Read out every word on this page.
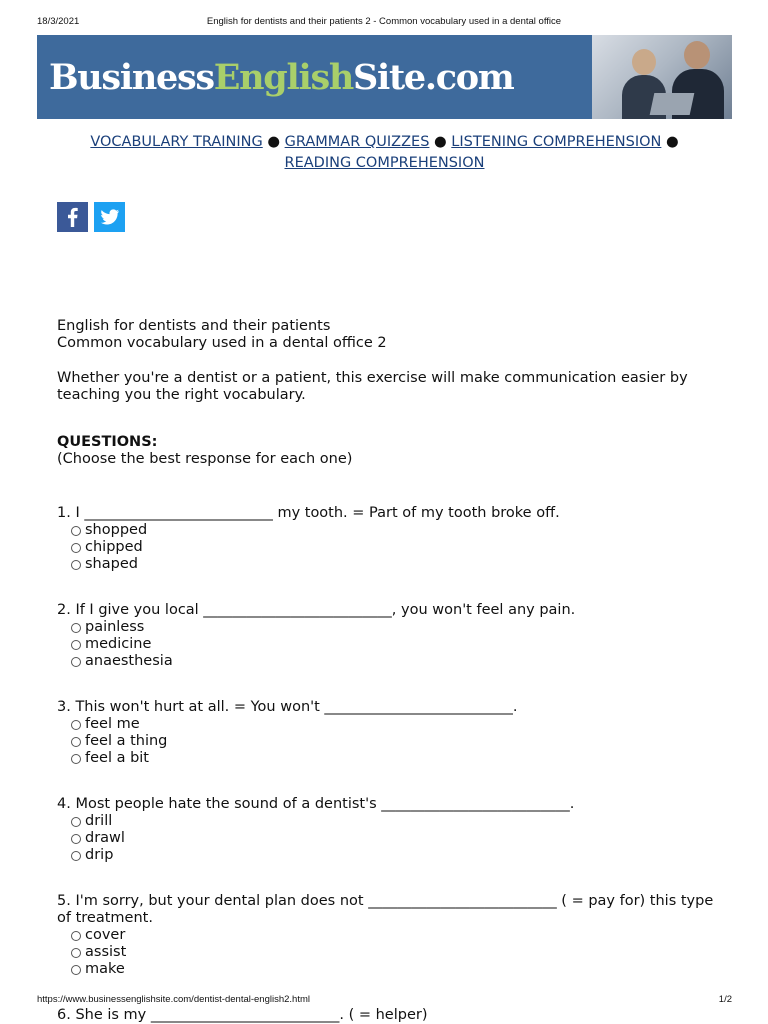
18/3/2021	English for dentists and their patients 2 - Common vocabulary used in a dental office
BusinessEnglishSite.com
VOCABULARY TRAINING ● GRAMMAR QUIZZES ● LISTENING COMPREHENSION ●
READING COMPREHENSION
English for dentists and their patients
Common vocabulary used in a dental office 2
Whether you're a dentist or a patient, this exercise will make communication easier by teaching you the right vocabulary.
QUESTIONS:
(Choose the best response for each one)
1. I __________________________ my tooth. = Part of my tooth broke off.
shopped
chipped
shaped
2. If I give you local __________________________, you won't feel any pain.
painless
medicine
anaesthesia
3. This won't hurt at all. = You won't __________________________.
feel me
feel a thing
feel a bit
4. Most people hate the sound of a dentist's __________________________.
drill
drawl
drip
5. I'm sorry, but your dental plan does not __________________________ ( = pay for) this type of treatment.
cover
assist
make
6. She is my __________________________. ( = helper)
https://www.businessenglishsite.com/dentist-dental-english2.html	1/2
